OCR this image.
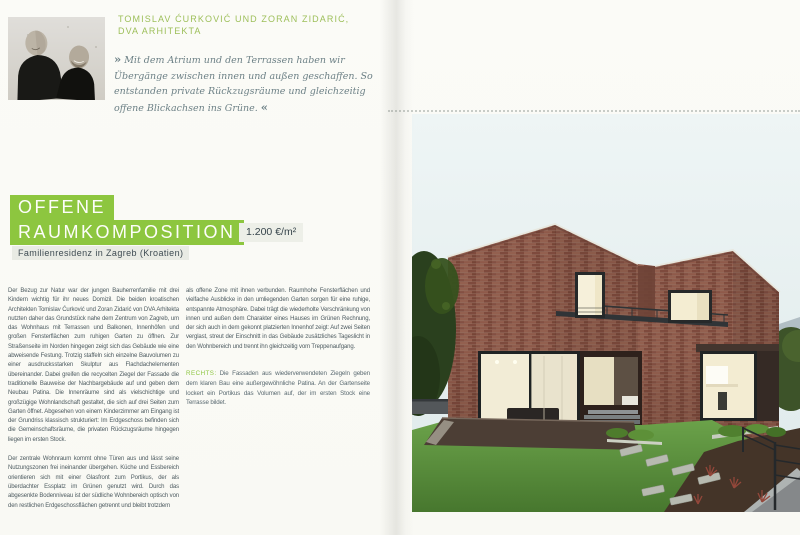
TOMISLAV ĆURKOVIĆ UND ZORAN ZIDARIĆ,
DVA ARHITEKTA
» Mit dem Atrium und den Terrassen haben wir Übergänge zwischen innen und außen geschaffen. So entstanden private Rückzugsräume und gleichzeitig offene Blickachsen ins Grüne. «
OFFENE
RAUMKOMPOSITION 1.200 €/m²
Familienresidenz in Zagreb (Kroatien)

Der Bezug zur Natur war der jungen Bauherrenfamilie mit drei Kindern wichtig für ihr neues Domizil. Die beiden kroatischen Architekten Tomislav Ćurković und Zoran Zidarić von DVA Arhitekta nutzten daher das Grundstück nahe dem Zentrum von Zagreb, um das Wohnhaus mit Terrassen und Balkonen, Innenhöfen und großen Fensterflächen zum ruhigen Garten zu öffnen. Zur Straßenseite im Norden hingegen zeigt sich das Gebäude wie eine abweisende Festung. Trotzig staffeln sich einzelne Bauvolumen zu einer ausdrucksstarken Skulptur aus Flachdachelementen übereinander. Dabei greifen die recycelten Ziegel der Fassade die traditionelle Bauweise der Nachbargebäude auf und geben dem Neubau Patina. Die Innenräume sind als vielschichtige und großzügige Wohnlandschaft gestaltet, die sich auf drei Seiten zum Garten öffnet. Abgesehen von einem Kinderzimmer am Eingang ist der Grundriss klassisch strukturiert: Im Erdgeschoss befinden sich die Gemeinschaftsräume, die privaten Rückzugsräume hingegen liegen im ersten Stock.

Der zentrale Wohnraum kommt ohne Türen aus und lässt seine Nutzungszonen frei ineinander übergehen. Küche und Essbereich orientieren sich mit einer Glasfront zum Portikus, der als überdachter Essplatz im Grünen genutzt wird. Durch das abgesenkte Bodenniveau ist der südliche Wohnbereich optisch von den restlichen Erdgeschossflächen getrennt und bleibt trotzdem

als offene Zone mit ihnen verbunden. Raumhohe Fensterflächen und vielfache Ausblicke in den umliegenden Garten sorgen für eine ruhige, entspannte Atmosphäre. Dabei trägt die wiederholte Verschränkung von innen und außen dem Charakter eines Hauses im Grünen Rechnung, der sich auch in dem gekonnt platzierten Innenhof zeigt: Auf zwei Seiten verglast, streut der Einschnitt in das Gebäude zusätzliches Tageslicht in den Wohnbereich und trennt ihn gleichzeitig vom Treppenaufgang.

RECHTS: Die Fassaden aus wiederverwendeten Ziegeln geben dem klaren Bau eine außergewöhnliche Patina. An der Gartenseite lockert ein Portikus das Volumen auf, der im ersten Stock eine Terrasse bildet.
